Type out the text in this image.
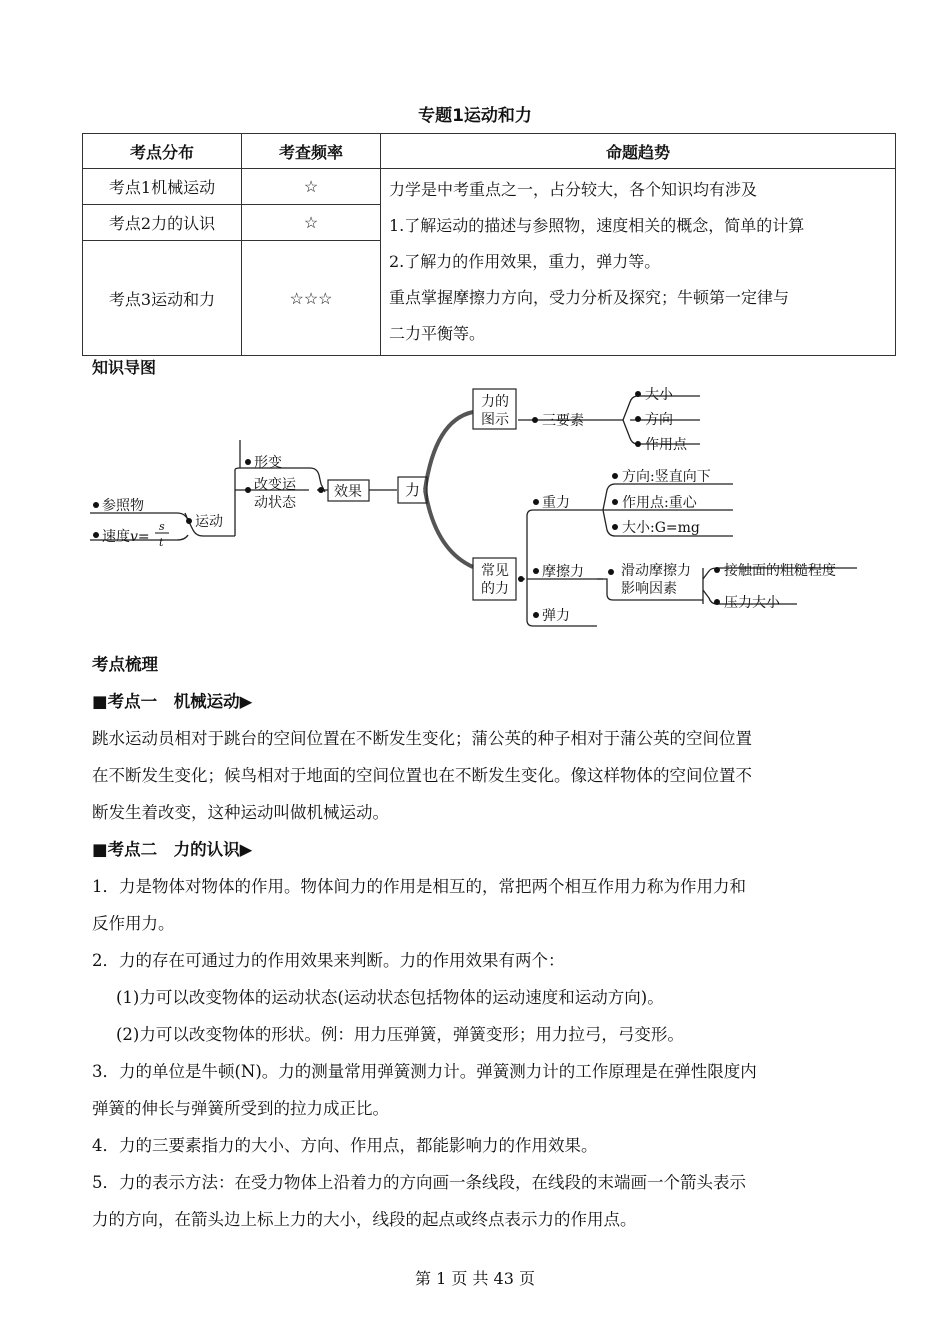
专题1运动和力
考点分布	考查频率	命题趋势
考点1机械运动	☆	力学是中考重点之一，占分较大，各个知识均有涉及
1.了解运动的描述与参照物，速度相关的概念，简单的计算
2.了解力的作用效果，重力，弹力等。
重点掌握摩擦力方向，受力分析及探究；牛顿第一定律与
二力平衡等。

考点2力的认识	☆	
考点3运动和力	☆☆☆	
知识导图
参照物
速度v=
s
t
运动
形变
改变运
动状态
效果	力
力的
图示 三要素
大小
方向
作用点
常见
的力
重力
方向:竖直向下
作用点:重心
大小:G=mg
摩擦力	滑动摩擦力
影响因素
接触面的粗糙程度
压力大小
弹力

考点梳理

■考点一　机械运动▶

跳水运动员相对于跳台的空间位置在不断发生变化；蒲公英的种子相对于蒲公英的空间位置

在不断发生变化；候鸟相对于地面的空间位置也在不断发生变化。像这样物体的空间位置不

断发生着改变，这种运动叫做机械运动。

■考点二　力的认识▶

1．力是物体对物体的作用。物体间力的作用是相互的，常把两个相互作用力称为作用力和

反作用力。

2．力的存在可通过力的作用效果来判断。力的作用效果有两个：

(1)力可以改变物体的运动状态(运动状态包括物体的运动速度和运动方向)。

(2)力可以改变物体的形状。例：用力压弹簧，弹簧变形；用力拉弓，弓变形。

3．力的单位是牛顿(N)。力的测量常用弹簧测力计。弹簧测力计的工作原理是在弹性限度内

弹簧的伸长与弹簧所受到的拉力成正比。

4．力的三要素指力的大小、方向、作用点，都能影响力的作用效果。

5．力的表示方法：在受力物体上沿着力的方向画一条线段，在线段的末端画一个箭头表示

力的方向，在箭头边上标上力的大小，线段的起点或终点表示力的作用点。

第 1 页 共 43 页
